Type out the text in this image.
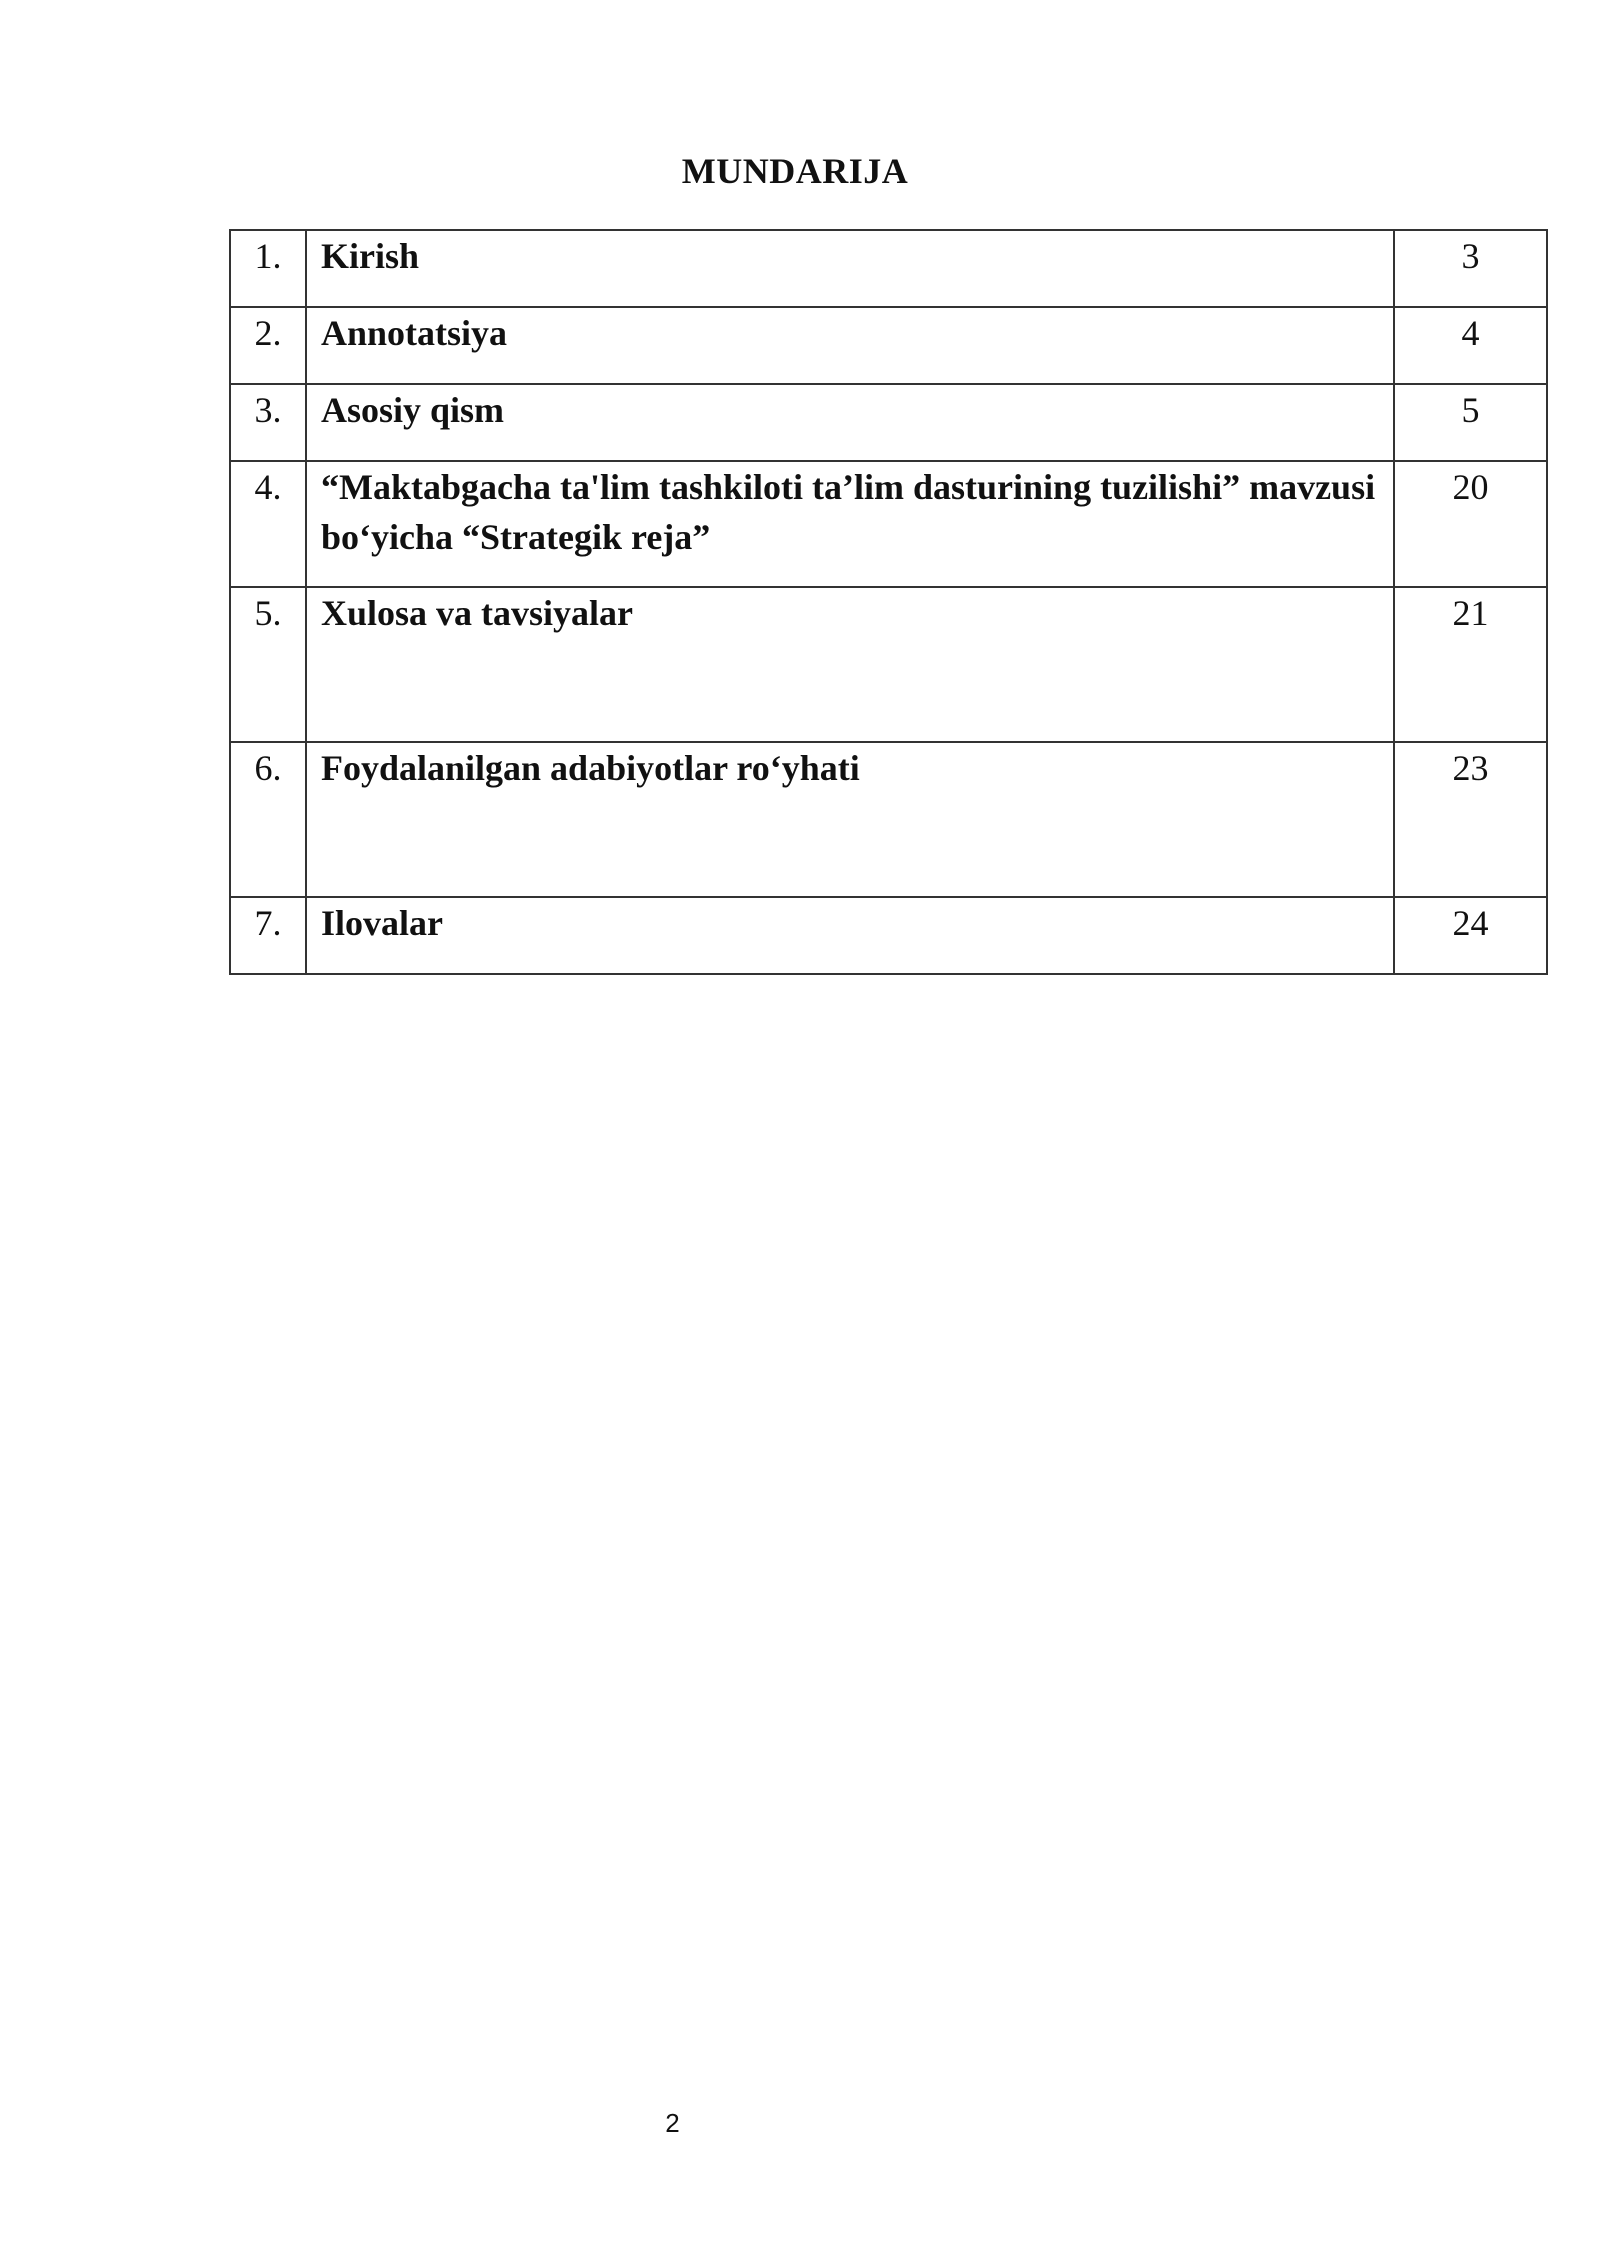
MUNDARIJA
1.	Kirish	3
2.	Annotatsiya	4
3.	Asosiy qism	5
4.	“Maktabgacha ta'lim tashkiloti ta’lim dasturining tuzilishi” mavzusi bo‘yicha “Strategik reja”	20
5.	Xulosa va tavsiyalar	21
6.	Foydalanilgan adabiyotlar ro‘yhati	23
7.	Ilovalar	24
2
